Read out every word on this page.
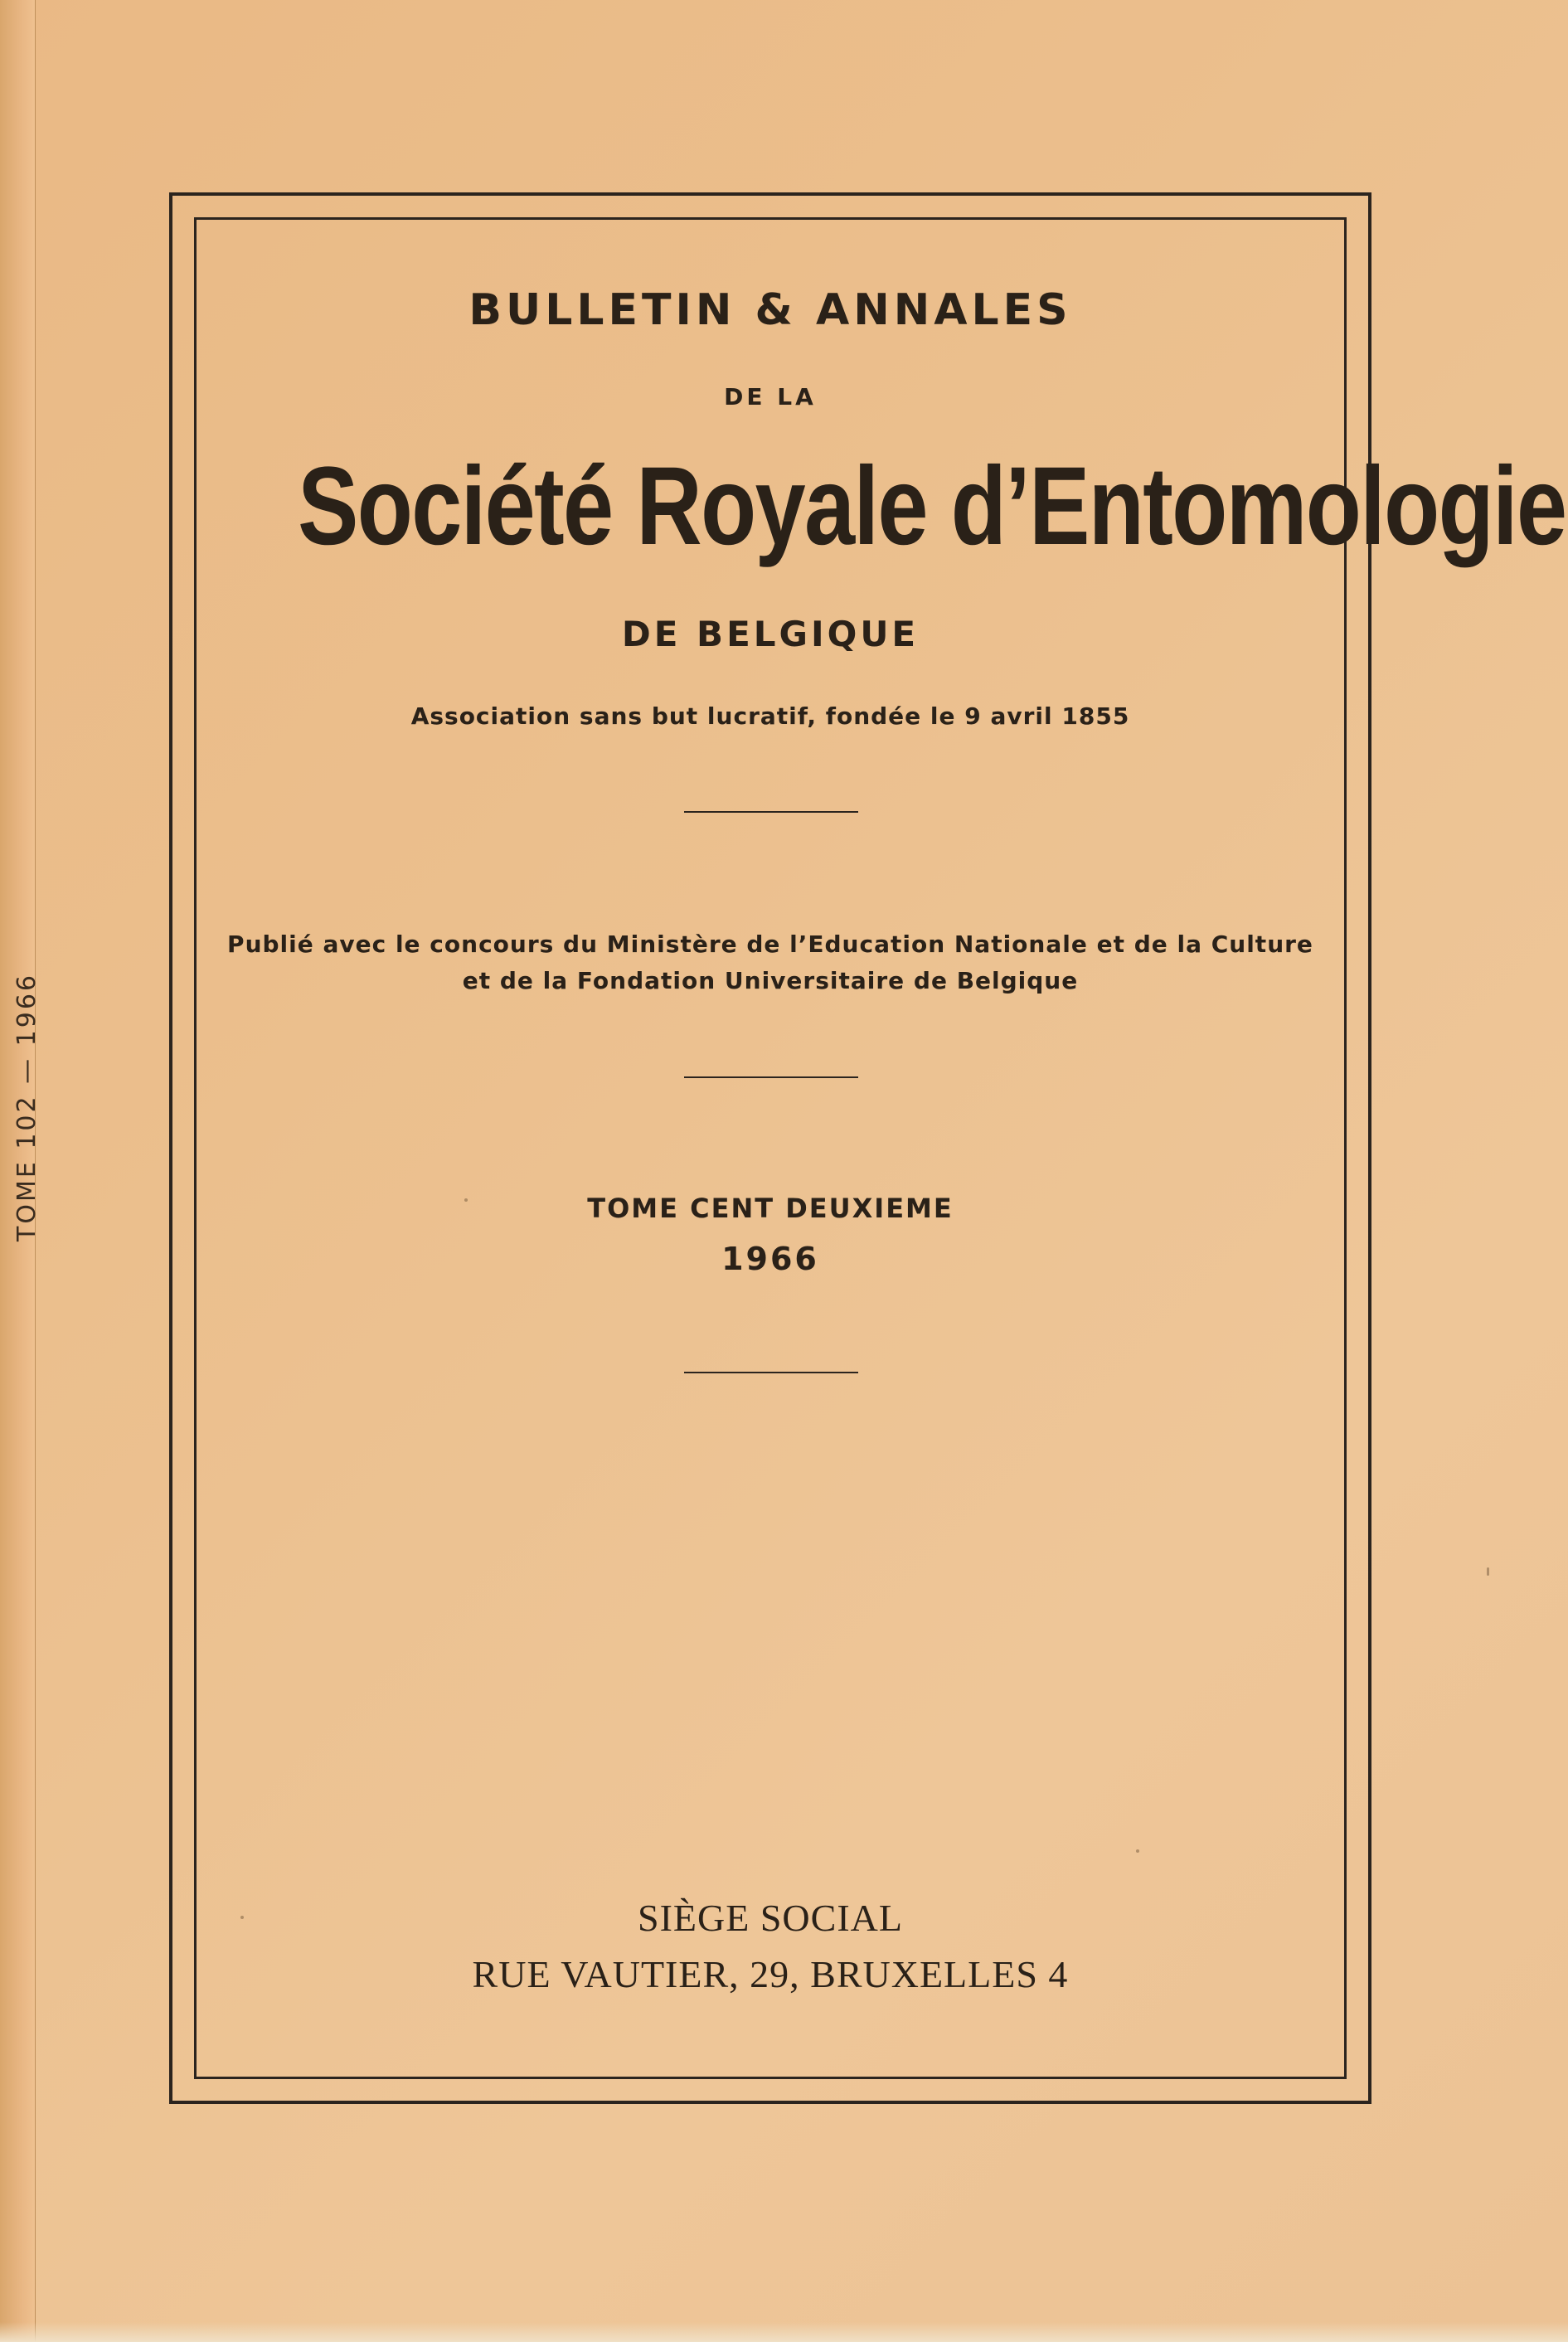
TOME 102 — 1966
BULLETIN & ANNALES
DE LA
Société Royale d’Entomologie
DE BELGIQUE
Association sans but lucratif, fondée le 9 avril 1855
Publié avec le concours du Ministère de l’Education Nationale et de la Culture
et de la Fondation Universitaire de Belgique
TOME CENT DEUXIEME
1966
SIÈGE SOCIAL
RUE VAUTIER, 29, BRUXELLES 4
